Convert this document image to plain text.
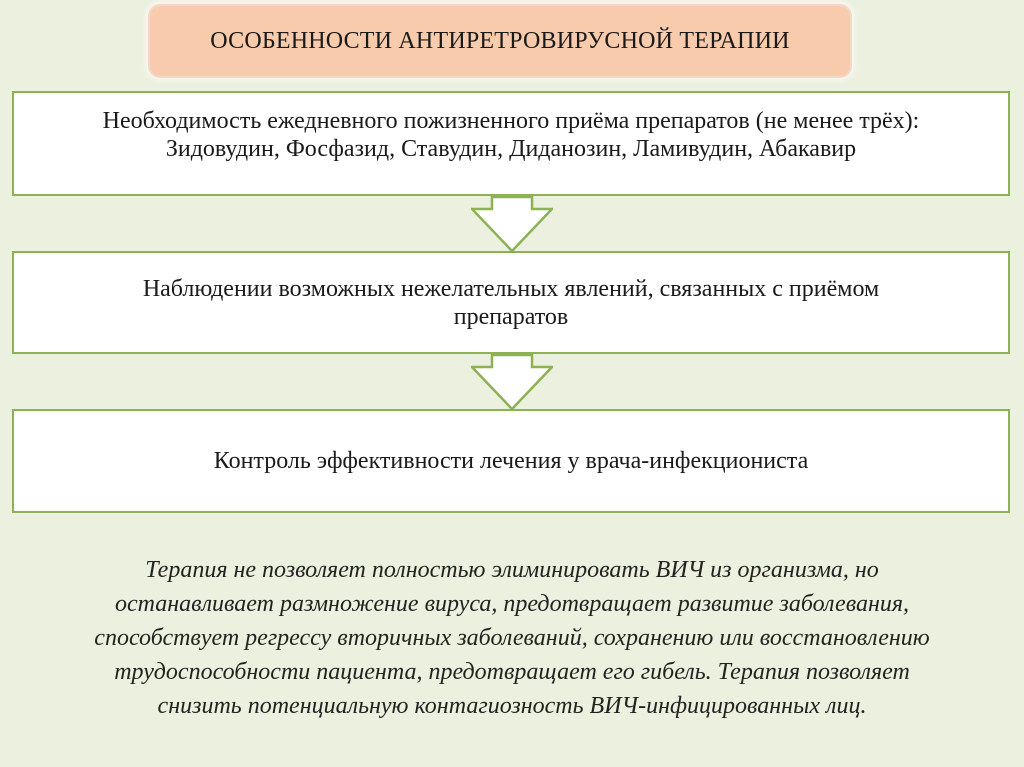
ОСОБЕННОСТИ АНТИРЕТРОВИРУСНОЙ ТЕРАПИИ
Необходимость ежедневного пожизненного приёма препаратов (не менее трёх):
Зидовудин, Фосфазид, Ставудин, Диданозин, Ламивудин, Абакавир
Наблюдении возможных нежелательных явлений, связанных с приёмом
препаратов
Контроль эффективности лечения у врача-инфекциониста
Терапия не позволяет полностью элиминировать ВИЧ из организма, но
останавливает размножение вируса, предотвращает развитие заболевания,
способствует регрессу вторичных заболеваний, сохранению или восстановлению
трудоспособности пациента, предотвращает его гибель. Терапия позволяет
снизить потенциальную контагиозность ВИЧ-инфицированных лиц.
